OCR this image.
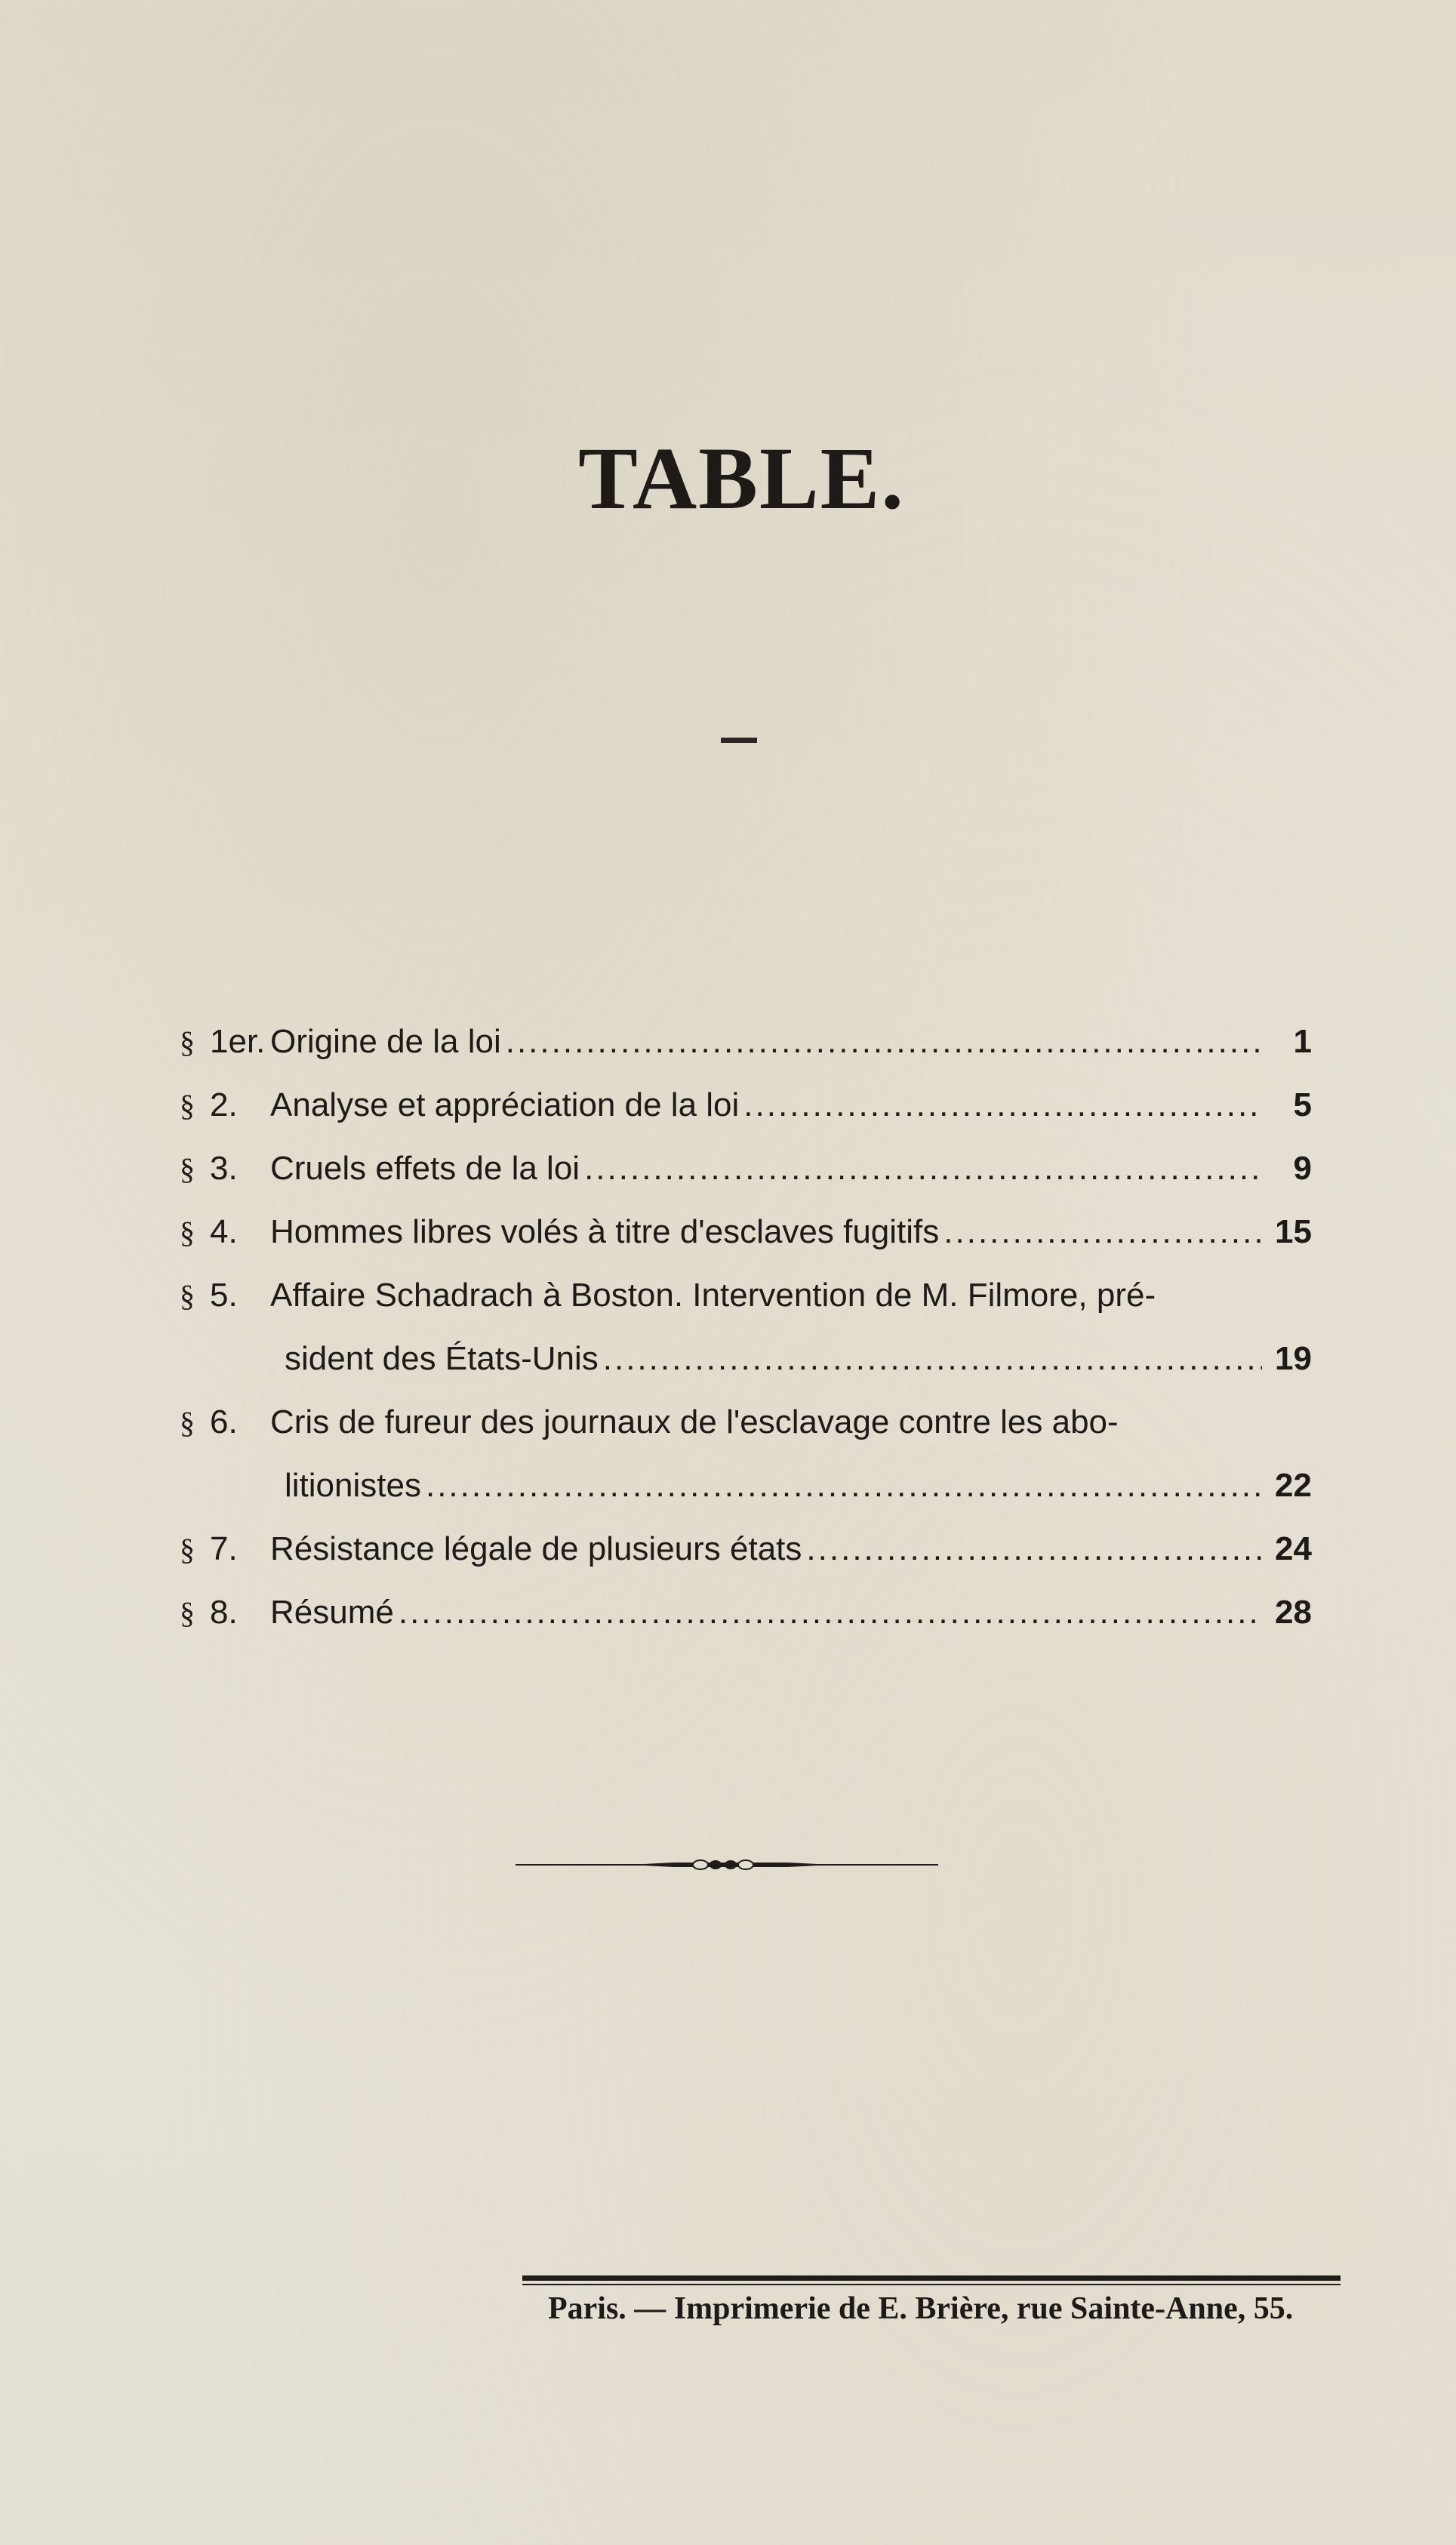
TABLE.
§ 1er. Origine de la loi .....	1
§ 2. Analyse et appréciation de la loi .....	5
§ 3. Cruels effets de la loi .....	9
§ 4. Hommes libres volés à titre d'esclaves fugitifs .....	15
§ 5. Affaire Schadrach à Boston. Intervention de M. Filmore, pré-
sident des États-Unis .....	19
§ 6. Cris de fureur des journaux de l'esclavage contre les abo-
litionistes .....	22
§ 7. Résistance légale de plusieurs états .....	24
§ 8. Résumé .....	28
Paris. — Imprimerie de E. Brière, rue Sainte-Anne, 55.
